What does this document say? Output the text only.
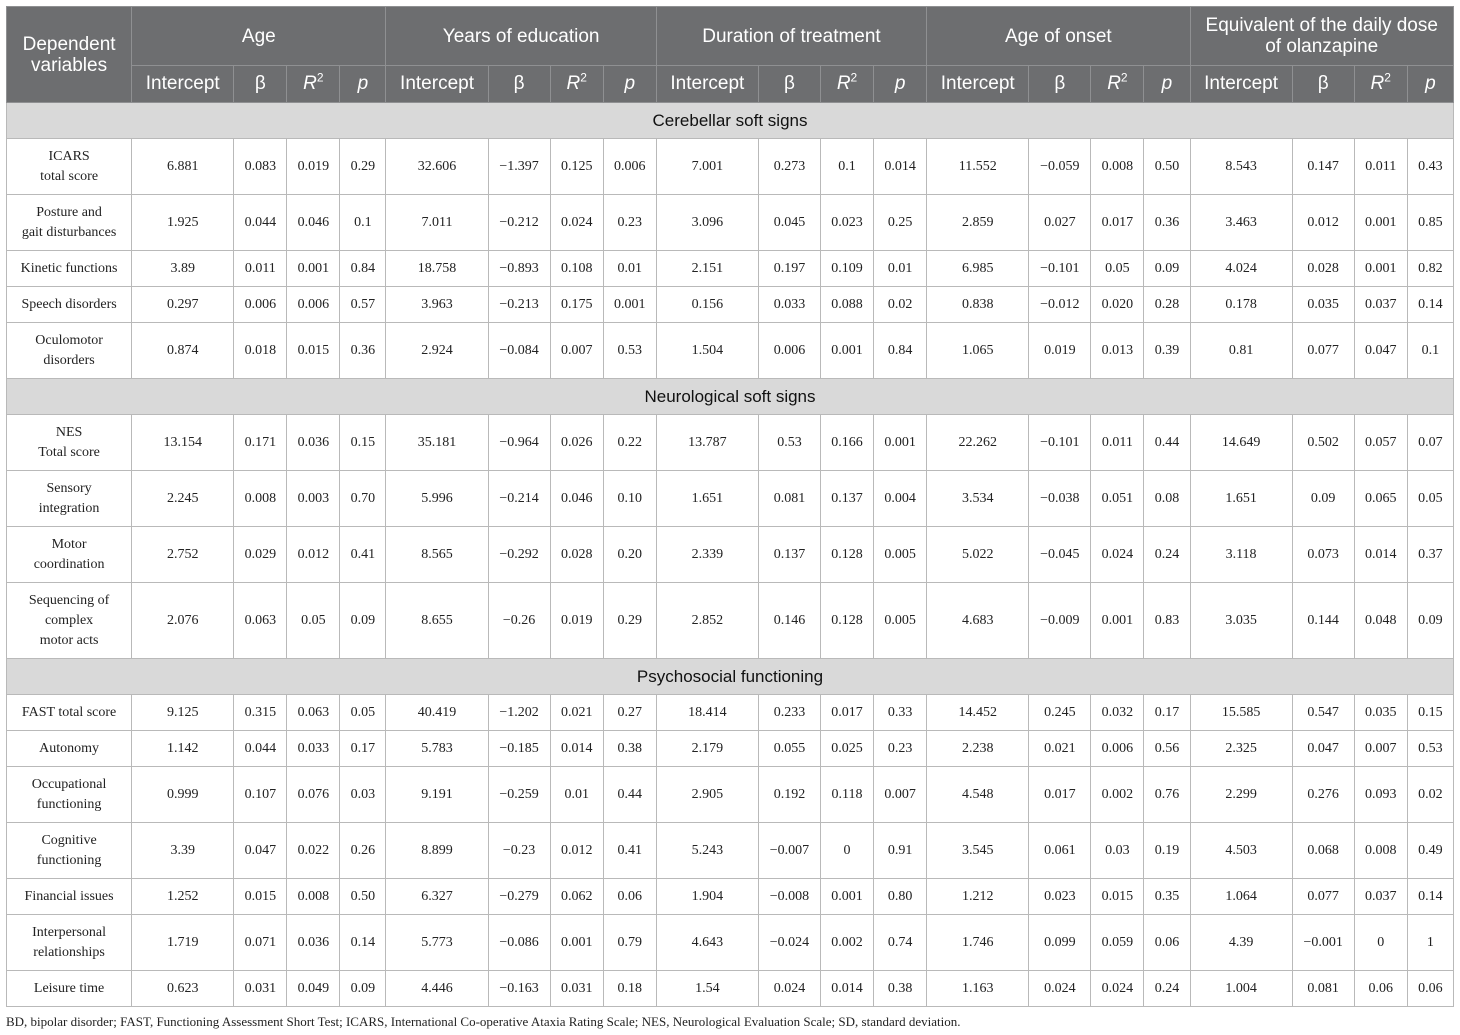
Dependent
variables	Age				Years of education				Duration of treatment				Age of onset				Equivalent of the daily dose
of olanzapine			
	Intercept	β	$R^2$	p	Intercept	β	$R^2$	p	Intercept	β	$R^2$	p	Intercept	β	$R^2$	p	Intercept	β	$R^2$	p
Cerebellar soft signs																				
ICARS
total score	6.881	0.083	0.019	0.29	32.606	−1.397	0.125	0.006	7.001	0.273	0.1	0.014	11.552	−0.059	0.008	0.50	8.543	0.147	0.011	0.43
Posture and
gait disturbances	1.925	0.044	0.046	0.1	7.011	−0.212	0.024	0.23	3.096	0.045	0.023	0.25	2.859	0.027	0.017	0.36	3.463	0.012	0.001	0.85
Kinetic functions	3.89	0.011	0.001	0.84	18.758	−0.893	0.108	0.01	2.151	0.197	0.109	0.01	6.985	−0.101	0.05	0.09	4.024	0.028	0.001	0.82
Speech disorders	0.297	0.006	0.006	0.57	3.963	−0.213	0.175	0.001	0.156	0.033	0.088	0.02	0.838	−0.012	0.020	0.28	0.178	0.035	0.037	0.14
Oculomotor
disorders	0.874	0.018	0.015	0.36	2.924	−0.084	0.007	0.53	1.504	0.006	0.001	0.84	1.065	0.019	0.013	0.39	0.81	0.077	0.047	0.1
Neurological soft signs																				
NES
Total score	13.154	0.171	0.036	0.15	35.181	−0.964	0.026	0.22	13.787	0.53	0.166	0.001	22.262	−0.101	0.011	0.44	14.649	0.502	0.057	0.07
Sensory
integration	2.245	0.008	0.003	0.70	5.996	−0.214	0.046	0.10	1.651	0.081	0.137	0.004	3.534	−0.038	0.051	0.08	1.651	0.09	0.065	0.05
Motor
coordination	2.752	0.029	0.012	0.41	8.565	−0.292	0.028	0.20	2.339	0.137	0.128	0.005	5.022	−0.045	0.024	0.24	3.118	0.073	0.014	0.37
Sequencing of
complex
motor acts	2.076	0.063	0.05	0.09	8.655	−0.26	0.019	0.29	2.852	0.146	0.128	0.005	4.683	−0.009	0.001	0.83	3.035	0.144	0.048	0.09
Psychosocial functioning																				
FAST total score	9.125	0.315	0.063	0.05	40.419	−1.202	0.021	0.27	18.414	0.233	0.017	0.33	14.452	0.245	0.032	0.17	15.585	0.547	0.035	0.15
Autonomy	1.142	0.044	0.033	0.17	5.783	−0.185	0.014	0.38	2.179	0.055	0.025	0.23	2.238	0.021	0.006	0.56	2.325	0.047	0.007	0.53
Occupational
functioning	0.999	0.107	0.076	0.03	9.191	−0.259	0.01	0.44	2.905	0.192	0.118	0.007	4.548	0.017	0.002	0.76	2.299	0.276	0.093	0.02
Cognitive
functioning	3.39	0.047	0.022	0.26	8.899	−0.23	0.012	0.41	5.243	−0.007	0	0.91	3.545	0.061	0.03	0.19	4.503	0.068	0.008	0.49
Financial issues	1.252	0.015	0.008	0.50	6.327	−0.279	0.062	0.06	1.904	−0.008	0.001	0.80	1.212	0.023	0.015	0.35	1.064	0.077	0.037	0.14
Interpersonal
relationships	1.719	0.071	0.036	0.14	5.773	−0.086	0.001	0.79	4.643	−0.024	0.002	0.74	1.746	0.099	0.059	0.06	4.39	−0.001	0	1
Leisure time	0.623	0.031	0.049	0.09	4.446	−0.163	0.031	0.18	1.54	0.024	0.014	0.38	1.163	0.024	0.024	0.24	1.004	0.081	0.06	0.06
BD, bipolar disorder; FAST, Functioning Assessment Short Test; ICARS, International Co-operative Ataxia Rating Scale; NES, Neurological Evaluation Scale; SD, standard deviation.
